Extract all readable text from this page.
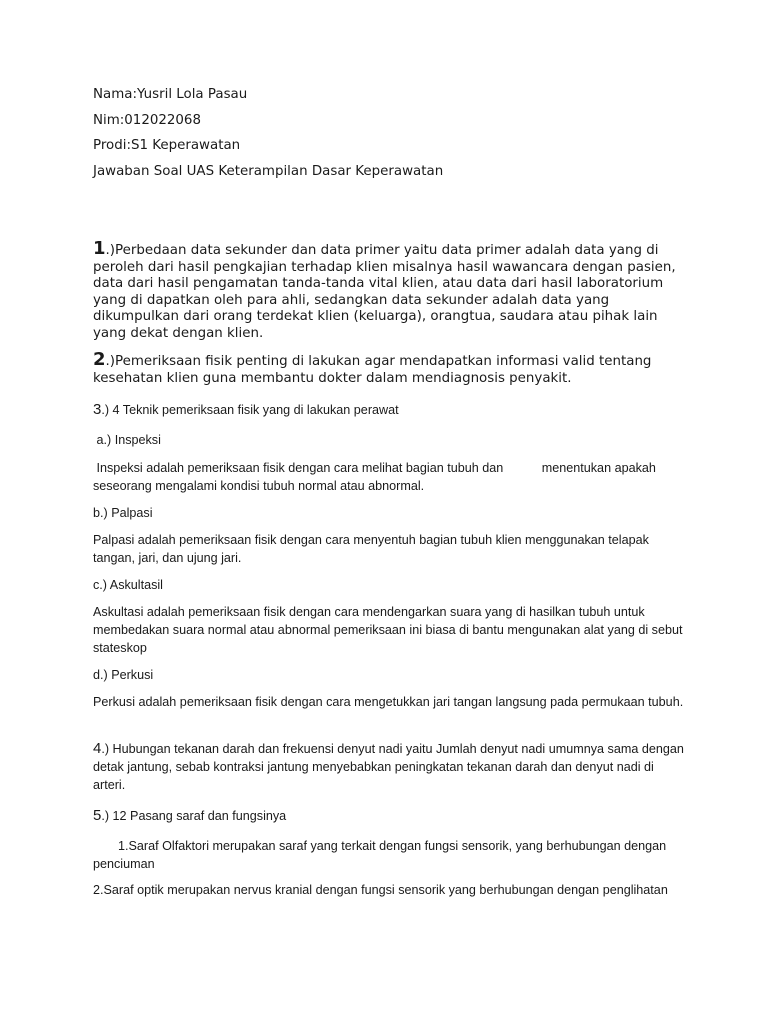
Nama:Yusril Lola Pasau

Nim:012022068

Prodi:S1 Keperawatan

Jawaban Soal UAS Keterampilan Dasar Keperawatan

1.)Perbedaan data sekunder dan data primer yaitu data primer adalah data yang di peroleh dari hasil pengkajian terhadap klien misalnya hasil wawancara dengan pasien, data dari hasil pengamatan tanda-tanda vital klien, atau data dari hasil laboratorium yang di dapatkan oleh para ahli, sedangkan data sekunder adalah data yang dikumpulkan dari orang terdekat klien (keluarga), orangtua, saudara atau pihak lain yang dekat dengan klien.

2.)Pemeriksaan fisik penting di lakukan agar mendapatkan informasi valid tentang kesehatan klien guna membantu dokter dalam mendiagnosis penyakit.

3.) 4 Teknik pemeriksaan fisik yang di lakukan perawat

a.) Inspeksi

Inspeksi adalah pemeriksaan fisik dengan cara melihat bagian tubuh dan           menentukan apakah seseorang mengalami kondisi tubuh normal atau abnormal.

b.) Palpasi

Palpasi adalah pemeriksaan fisik dengan cara menyentuh bagian tubuh klien menggunakan telapak tangan, jari, dan ujung jari.

c.) Askultasil

Askultasi adalah pemeriksaan fisik dengan cara mendengarkan suara yang di hasilkan tubuh untuk membedakan suara normal atau abnormal pemeriksaan ini biasa di bantu mengunakan alat yang di sebut stateskop

d.) Perkusi

Perkusi adalah pemeriksaan fisik dengan cara mengetukkan jari tangan langsung pada permukaan tubuh.

4.) Hubungan tekanan darah dan frekuensi denyut nadi yaitu Jumlah denyut nadi umumnya sama dengan detak jantung, sebab kontraksi jantung menyebabkan peningkatan tekanan darah dan denyut nadi di arteri.

5.) 12 Pasang saraf dan fungsinya

1.Saraf Olfaktori merupakan saraf yang terkait dengan fungsi sensorik, yang berhubungan dengan penciuman

2.Saraf optik merupakan nervus kranial dengan fungsi sensorik yang berhubungan dengan penglihatan
